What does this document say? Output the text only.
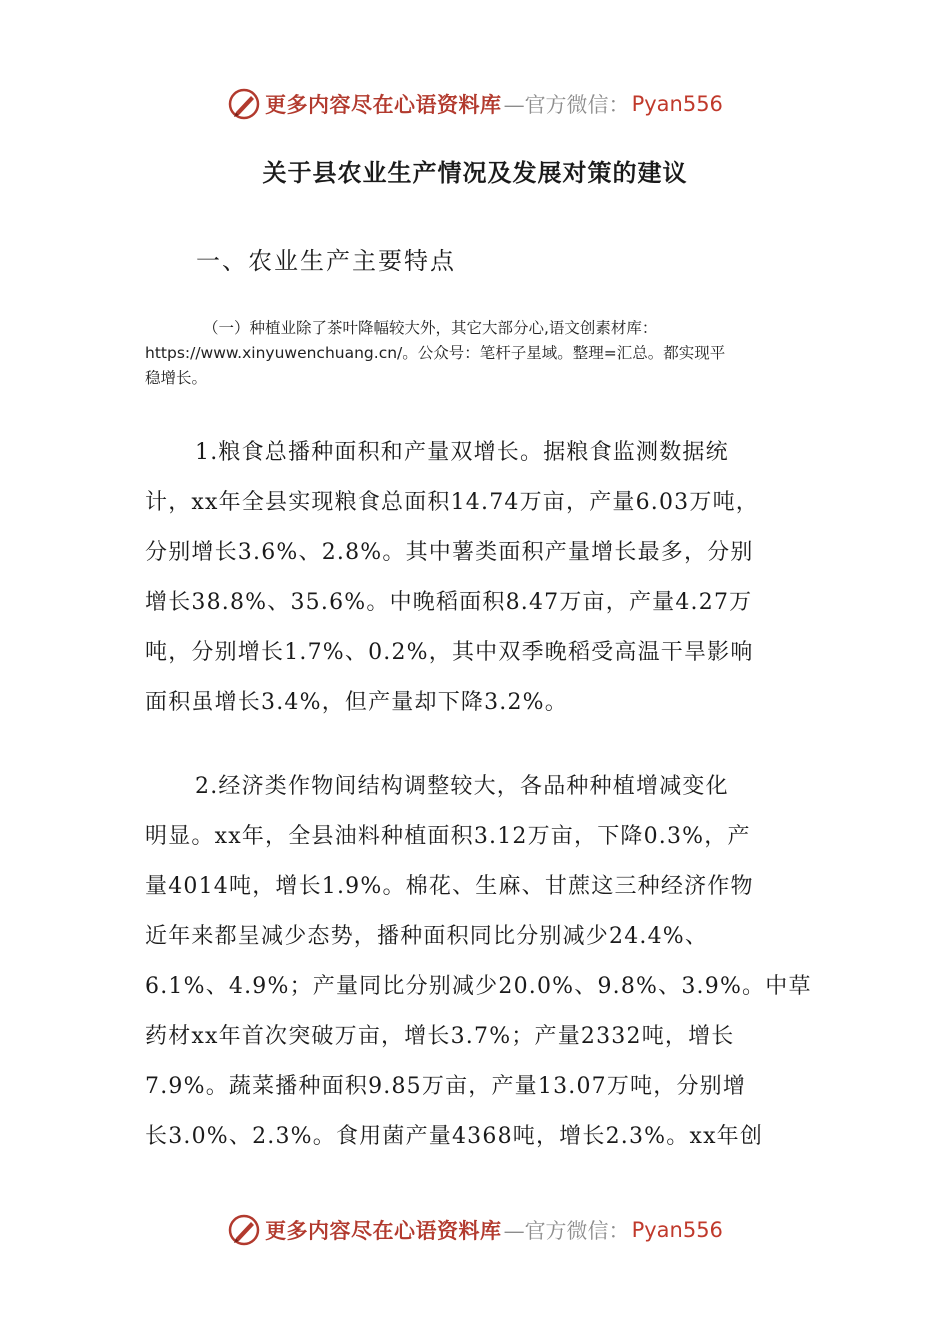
更多内容尽在心语资料库 —官方微信： Pyan556
关于县农业生产情况及发展对策的建议
一、农业生产主要特点
（一）种植业除了茶叶降幅较大外，其它大部分心,语文创素材库：
https://www.xinyuwenchuang.cn/。公众号：笔杆子星域。整理=汇总。都实现平
稳增长。
1.粮食总播种面积和产量双增长。据粮食监测数据统
计，xx年全县实现粮食总面积14.74万亩，产量6.03万吨，
分别增长3.6%、2.8%。其中薯类面积产量增长最多，分别
增长38.8%、35.6%。中晚稻面积8.47万亩，产量4.27万
吨，分别增长1.7%、0.2%，其中双季晚稻受高温干旱影响
面积虽增长3.4%，但产量却下降3.2%。
2.经济类作物间结构调整较大，各品种种植增减变化
明显。xx年，全县油料种植面积3.12万亩，下降0.3%，产
量4014吨，增长1.9%。棉花、生麻、甘蔗这三种经济作物
近年来都呈减少态势，播种面积同比分别减少24.4%、
6.1%、4.9%；产量同比分别减少20.0%、9.8%、3.9%。中草
药材xx年首次突破万亩，增长3.7%；产量2332吨，增长
7.9%。蔬菜播种面积9.85万亩，产量13.07万吨，分别增
长3.0%、2.3%。食用菌产量4368吨，增长2.3%。xx年创
更多内容尽在心语资料库 —官方微信： Pyan556
